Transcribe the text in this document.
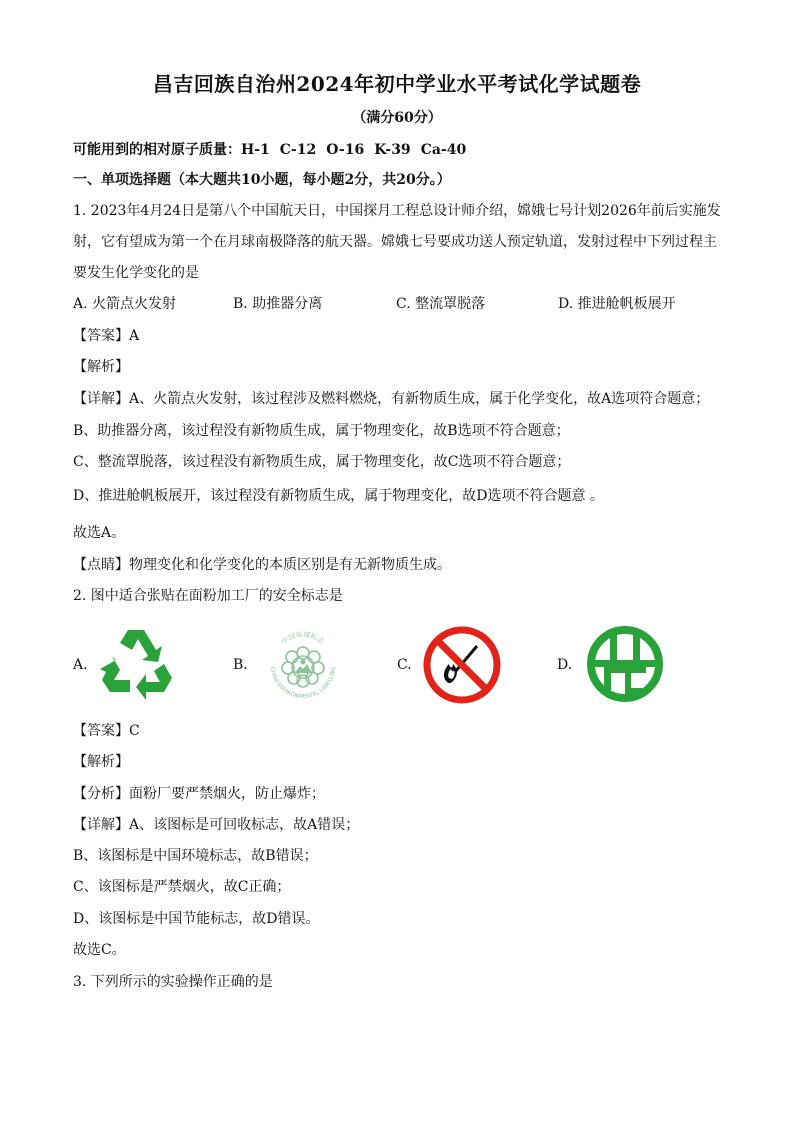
昌吉回族自治州2024年初中学业水平考试化学试题卷
（满分60分）
可能用到的相对原子质量：H-1 C-12 O-16 K-39 Ca-40
一、单项选择题（本大题共10小题，每小题2分，共20分。）
1. 2023年4月24日是第八个中国航天日，中国探月工程总设计师介绍，嫦娥七号计划2026年前后实施发
射，它有望成为第一个在月球南极降落的航天器。嫦娥七号要成功送人预定轨道，发射过程中下列过程主
要发生化学变化的是
A. 火箭点火发射	B. 助推器分离	C. 整流罩脱落	D. 推进舱帆板展开
【答案】A
【解析】
【详解】A、火箭点火发射，该过程涉及燃料燃烧，有新物质生成，属于化学变化，故A选项符合题意；
B、助推器分离，该过程没有新物质生成，属于物理变化，故B选项不符合题意；
C、整流罩脱落，该过程没有新物质生成，属于物理变化，故C选项不符合题意；
D、推进舱帆板展开，该过程没有新物质生成，属于物理变化，故D选项不符合题意 。
故选A。
【点睛】物理变化和化学变化的本质区别是有无新物质生成。
2. 图中适合张贴在面粉加工厂的安全标志是
A.	B.	C.	D.
中国环境标志
CHINA ENVIRONMENTAL LABELLING
【答案】C
【解析】
【分析】面粉厂要严禁烟火，防止爆炸；
【详解】A、该图标是可回收标志，故A错误；
B、该图标是中国环境标志，故B错误；
C、该图标是严禁烟火，故C正确；
D、该图标是中国节能标志，故D错误。
故选C。
3. 下列所示的实验操作正确的是
